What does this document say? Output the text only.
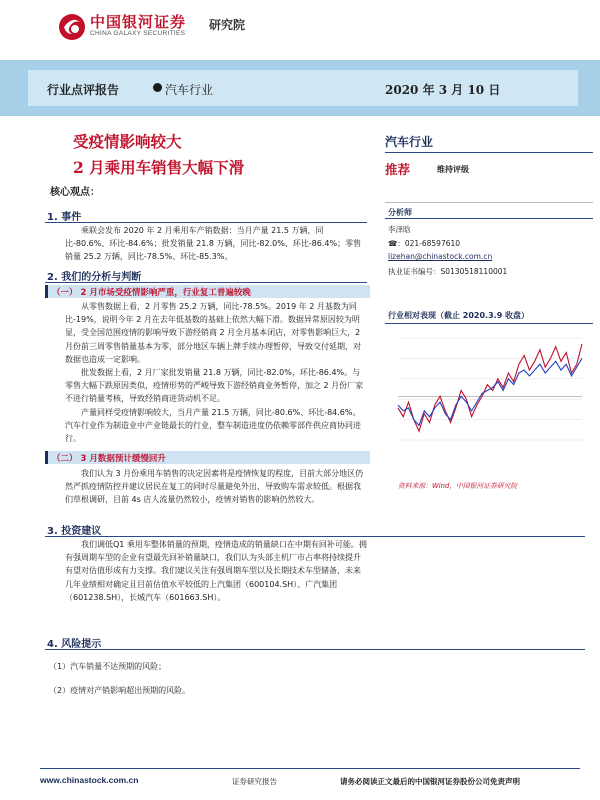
中国银河证券
CHINA GALAXY SECURITIES
研究院
行业点评报告	汽车行业	2020 年 3 月 10 日
受疫情影响较大
2 月乘用车销售大幅下滑
核心观点：
1. 事件

乘联会发布 2020 年 2 月乘用车产销数据：当月产量 21.5 万辆，同比-80.6%、环比-84.6%；批发销量 21.8 万辆，同比-82.0%、环比-86.4%；零售销量 25.2 万辆，同比-78.5%、环比-85.3%。

2. 我们的分析与判断
（一） 2 月市场受疫情影响严重，行业复工普遍较晚

从零售数据上看，2 月零售 25.2 万辆，同比-78.5%。2019 年 2 月基数为同比-19%，说明今年 2 月在去年低基数的基础上依然大幅下滑。数据异常原因较为明显，受全国范围疫情的影响导致下游经销商 2 月全月基本闭店，对零售影响巨大，2 月份前三周零售销量基本为零，部分地区车辆上牌手续办理暂停，导致交付延期，对数据也造成一定影响。

批发数据上看，2 月厂家批发销量 21.8 万辆，同比-82.0%，环比-86.4%。与零售大幅下跌原因类似，疫情形势的严峻导致下游经销商业务暂停，加之 2 月份厂家不进行销量考核，导致经销商进货动机不足。

产量同样受疫情影响较大，当月产量 21.5 万辆，同比-80.6%、环比-84.6%。汽车行业作为制造业中产业链最长的行业，整车制造进度仍依赖零部件供应商协同进行。

（二） 3 月数据预计缓慢回升

我们认为 3 月份乘用车销售的决定因素将是疫情恢复的程度，目前大部分地区仍然严抓疫情防控并建议居民在复工的同时尽量避免外出，导致购车需求较低。根据我们草根调研，目前 4s 店人流量仍然较小，疫情对销售的影响仍然较大。

3. 投资建议

我们调低Q1 乘用车整体销量的预期，疫情造成的销量缺口在中期有回补可能。拥有强周期车型的企业有望最先回补销量缺口，我们认为头部主机厂市占率将持续提升有望对估值形成有力支撑。我们建议关注有强周期车型以及长期技术车型储备，未来几年业绩相对确定且目前估值水平较低的上汽集团（600104.SH）、广汽集团（601238.SH），长城汽车（601663.SH）。

4. 风险提示
（1）汽车销量不达预期的风险；
（2）疫情对产销影响超出预期的风险。
汽车行业
推荐	维持评级
分析师
李泽晗
☎：021-68597610
lizehan@chinastock.com.cn
执业证书编号：S0130518110001
行业相对表现（截止 2020.3.9 收盘）
资料来源：Wind，中国银河证券研究院
www.chinastock.com.cn	证券研究报告	请务必阅读正文最后的中国银河证券股份公司免责声明
